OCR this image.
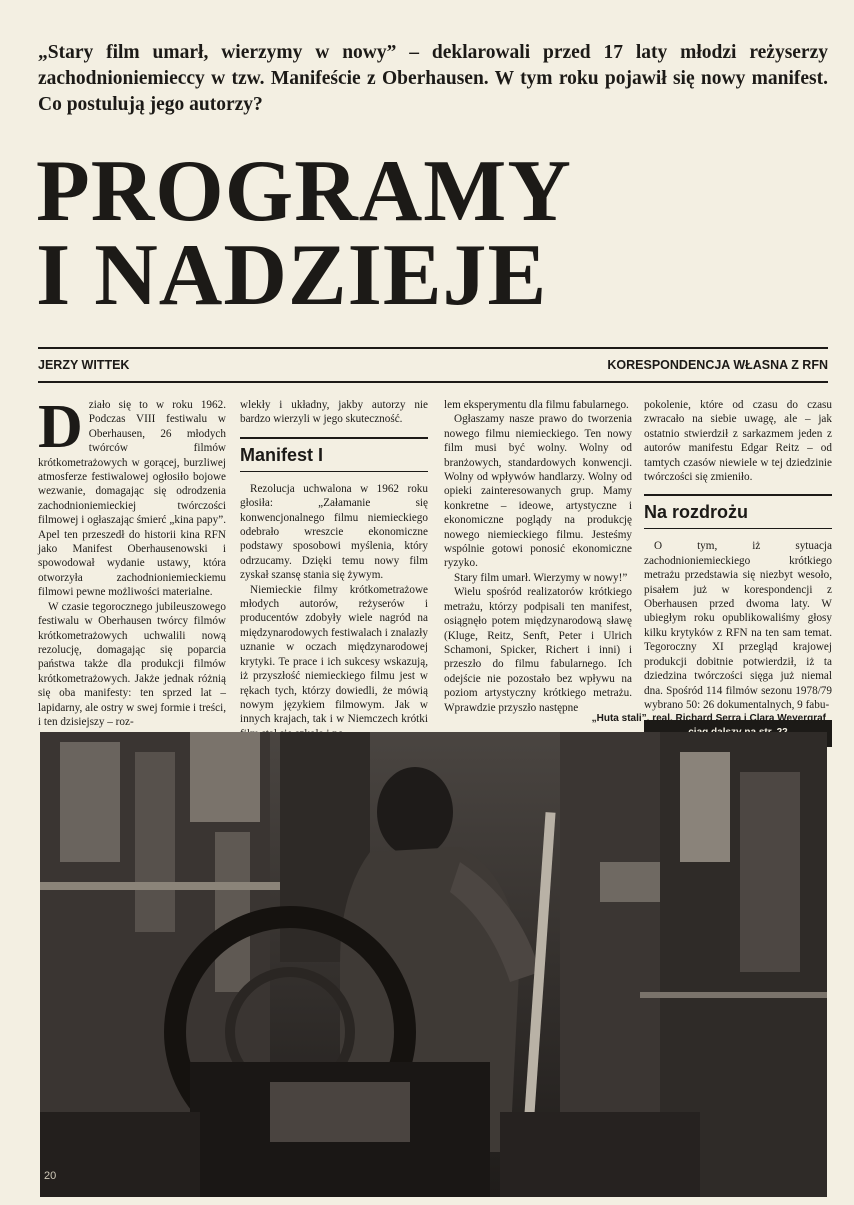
„Stary film umarł, wierzymy w nowy” – deklarowali przed 17 laty młodzi reżyserzy zachodnioniemieccy w tzw. Manifeście z Oberhausen. W tym roku pojawił się nowy manifest. Co postulują jego autorzy?
PROGRAMY
I NADZIEJE
JERZY WITTEK	KORESPONDENCJA WŁASNA Z RFN

Działo się to w roku 1962. Podczas VIII festiwalu w Oberhausen, 26 młodych twórców filmów krótkometrażowych w gorącej, burzliwej atmosferze festiwalowej ogłosiło bojowe wezwanie, domagając się odrodzenia zachodnioniemieckiej twórczości filmowej i ogłaszając śmierć „kina papy”. Apel ten przeszedł do historii kina RFN jako Manifest Oberhausenowski i spowodował wydanie ustawy, która otworzyła zachodnioniemieckiemu filmowi pewne możliwości materialne.

W czasie tegorocznego jubileuszowego festiwalu w Oberhausen twórcy filmów krótkometrażowych uchwalili nową rezolucję, domagając się poparcia państwa także dla produkcji filmów krótkometrażowych. Jakże jednak różnią się oba manifesty: ten sprzed lat – lapidarny, ale ostry w swej formie i treści, i ten dzisiejszy – roz-

wlekły i układny, jakby autorzy nie bardzo wierzyli w jego skuteczność.

Manifest I

Rezolucja uchwalona w 1962 roku głosiła: „Załamanie się konwencjonalnego filmu niemieckiego odebrało wreszcie ekonomiczne podstawy sposobowi myślenia, który odrzucamy. Dzięki temu nowy film zyskał szansę stania się żywym.

Niemieckie filmy krótkometrażowe młodych autorów, reżyserów i producentów zdobyły wiele nagród na międzynarodowych festiwalach i znalazły uznanie w oczach międzynarodowej krytyki. Te prace i ich sukcesy wskazują, iż przyszłość niemieckiego filmu jest w rękach tych, którzy dowiedli, że mówią nowym językiem filmowym. Jak w innych krajach, tak i w Niemczech krótki

lem eksperymentu dla filmu fabularnego.

Ogłaszamy nasze prawo do tworzenia nowego filmu niemieckiego. Ten nowy film musi być wolny. Wolny od branżowych, standardowych konwencji. Wolny od wpływów handlarzy. Wolny od opieki zainteresowanych grup. Mamy konkretne – ideowe, artystyczne i ekonomiczne poglądy na produkcję nowego niemieckiego filmu. Jesteśmy wspólnie gotowi ponosić ekonomiczne ryzyko.

Stary film umarł. Wierzymy w nowy!”

Wielu spośród realizatorów krótkiego metrażu, którzy podpisali ten manifest, osiągnęło potem międzynarodową sławę (Kluge, Reitz, Senft, Peter i Ulrich Schamoni, Spicker, Richert i inni) i przeszło do filmu fabularnego. Ich odejście nie pozostało bez wpływu na poziom artystyczny krótkiego metrażu. Wprawdzie przyszło następne

pokolenie, które od czasu do czasu zwracało na siebie uwagę, ale – jak ostatnio stwierdził z sarkazmem jeden z autorów manifestu Edgar Reitz – od tamtych czasów niewiele w tej dziedzinie twórczości się zmieniło.

Na rozdrożu

O tym, iż sytuacja zachodnioniemieckiego krótkiego metrażu przedstawia się niezbyt wesoło, pisałem już w korespondencji z Oberhausen przed dwoma laty. W ubiegłym roku opublikowaliśmy głosy kilku krytyków z RFN na ten sam temat. Tegoroczny XI przegląd krajowej produkcji dobitnie potwierdził, iż ta dziedzina twórczości sięga już niemal dna. Spośród 114 filmów sezonu 1978/79 wybrano 50: 26 dokumentalnych, 9 fabu-

„Huta stali”, real. Richard Serra i Clara Weyergraf
20
